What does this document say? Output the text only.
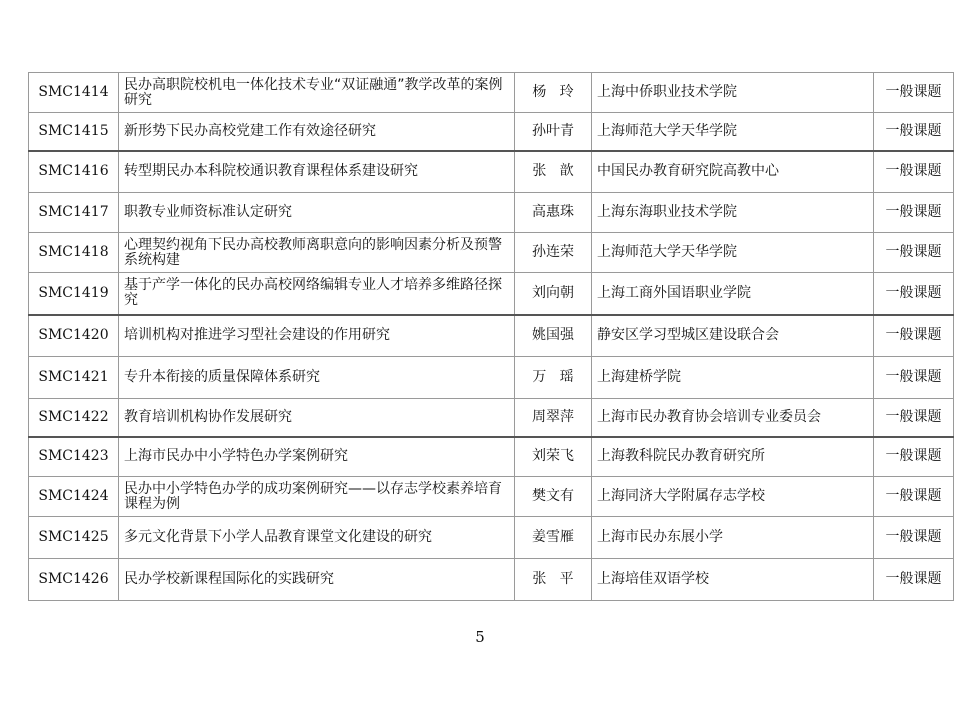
SMC1414	民办高职院校机电一体化技术专业“双证融通”教学改革的案例研究	杨   玲	上海中侨职业技术学院	一般课题
SMC1415	新形势下民办高校党建工作有效途径研究	孙叶青	上海师范大学天华学院	一般课题
SMC1416	转型期民办本科院校通识教育课程体系建设研究	张   歆	中国民办教育研究院高教中心	一般课题
SMC1417	职教专业师资标准认定研究	高惠珠	上海东海职业技术学院	一般课题
SMC1418	心理契约视角下民办高校教师离职意向的影响因素分析及预警系统构建	孙连荣	上海师范大学天华学院	一般课题
SMC1419	基于产学一体化的民办高校网络编辑专业人才培养多维路径探究	刘向朝	上海工商外国语职业学院	一般课题
SMC1420	培训机构对推进学习型社会建设的作用研究	姚国强	静安区学习型城区建设联合会	一般课题
SMC1421	专升本衔接的质量保障体系研究	万   瑶	上海建桥学院	一般课题
SMC1422	教育培训机构协作发展研究	周翠萍	上海市民办教育协会培训专业委员会	一般课题
SMC1423	上海市民办中小学特色办学案例研究	刘荣飞	上海教科院民办教育研究所	一般课题
SMC1424	民办中小学特色办学的成功案例研究——以存志学校素养培育课程为例	樊文有	上海同济大学附属存志学校	一般课题
SMC1425	多元文化背景下小学人品教育课堂文化建设的研究	姜雪雁	上海市民办东展小学	一般课题
SMC1426	民办学校新课程国际化的实践研究	张   平	上海培佳双语学校	一般课题
5
